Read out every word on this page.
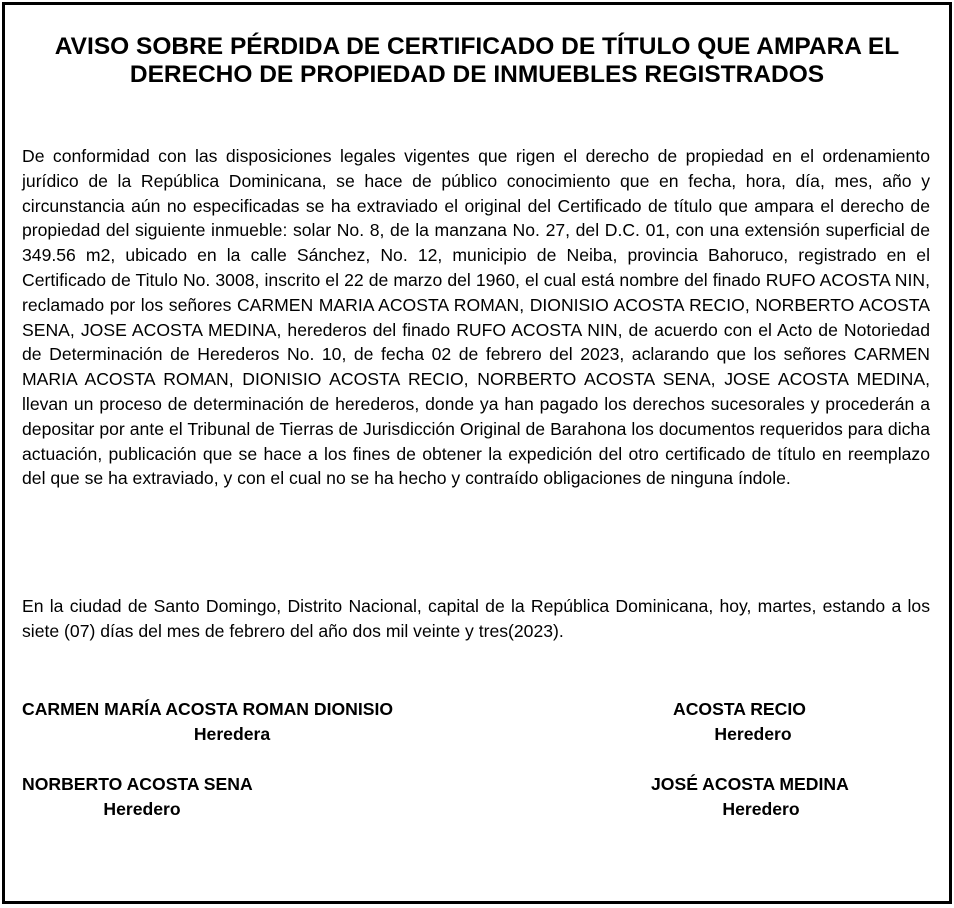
AVISO SOBRE PÉRDIDA DE CERTIFICADO DE TÍTULO QUE AMPARA EL DERECHO DE PROPIEDAD DE INMUEBLES REGISTRADOS

De conformidad con las disposiciones legales vigentes que rigen el derecho de propiedad en el ordenamiento jurídico de la República Dominicana, se hace de público conocimiento que en fecha, hora, día, mes, año y circunstancia aún no especificadas se ha extraviado el original del Certificado de título que ampara el derecho de propiedad del siguiente inmueble: solar No. 8, de la manzana No. 27, del D.C. 01, con una extensión superficial de 349.56 m2, ubicado en la calle Sánchez, No. 12, municipio de Neiba, provincia Bahoruco, registrado en el Certificado de Titulo No. 3008, inscrito el 22 de marzo del 1960, el cual está nombre del finado RUFO ACOSTA NIN, reclamado por los señores CARMEN MARIA ACOSTA ROMAN, DIONISIO ACOSTA RECIO, NORBERTO ACOSTA SENA, JOSE ACOSTA MEDINA, herederos del finado RUFO ACOSTA NIN, de acuerdo con el Acto de Notoriedad de Determinación de Herederos No. 10, de fecha 02 de febrero del 2023, aclarando que los señores CARMEN MARIA ACOSTA ROMAN, DIONISIO ACOSTA RECIO, NORBERTO ACOSTA SENA, JOSE ACOSTA MEDINA, llevan un proceso de determinación de herederos, donde ya han pagado los derechos sucesorales y procederán a depositar por ante el Tribunal de Tierras de Jurisdicción Original de Barahona los documentos requeridos para dicha actuación, publicación que se hace a los fines de obtener la expedición del otro certificado de título en reemplazo del que se ha extraviado, y con el cual no se ha hecho y contraído obligaciones de ninguna índole.

En la ciudad de Santo Domingo, Distrito Nacional, capital de la República Dominicana, hoy, martes, estando a los siete (07) días del mes de febrero del año dos mil veinte y tres(2023).

CARMEN MARÍA ACOSTA ROMAN DIONISIO
Heredera
ACOSTA RECIO
Heredero
NORBERTO ACOSTA SENA
Heredero
JOSÉ ACOSTA MEDINA
Heredero
